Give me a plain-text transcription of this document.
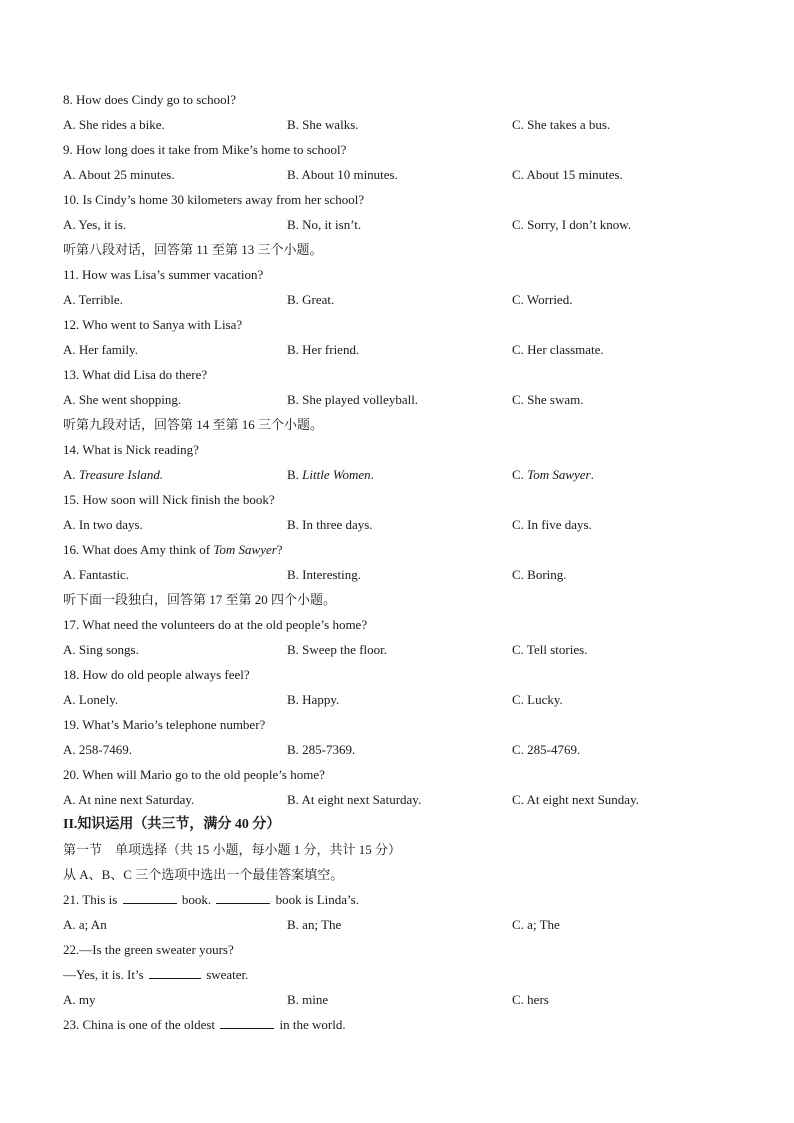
8. How does Cindy go to school?
A. She rides a bike.	B. She walks.	C. She takes a bus.
9. How long does it take from Mike’s home to school?
A. About 25 minutes.	B. About 10 minutes.	C. About 15 minutes.
10. Is Cindy’s home 30 kilometers away from her school?
A. Yes, it is.	B. No, it isn’t.	C. Sorry, I don’t know.
听第八段对话，回答第 11 至第 13 三个小题。
11. How was Lisa’s summer vacation?
A. Terrible.	B. Great.	C. Worried.
12. Who went to Sanya with Lisa?
A. Her family.	B. Her friend.	C. Her classmate.
13. What did Lisa do there?
A. She went shopping.	B. She played volleyball.	C. She swam.
听第九段对话，回答第 14 至第 16 三个小题。
14. What is Nick reading?
A. Treasure Island.	B. Little Women.	C. Tom Sawyer.
15. How soon will Nick finish the book?
A. In two days.	B. In three days.	C. In five days.
16. What does Amy think of Tom Sawyer?
A. Fantastic.	B. Interesting.	C. Boring.
听下面一段独白，回答第 17 至第 20 四个小题。
17. What need the volunteers do at the old people’s home?
A. Sing songs.	B. Sweep the floor.	C. Tell stories.
18. How do old people always feel?
A. Lonely.	B. Happy.	C. Lucky.
19. What’s Mario’s telephone number?
A. 258-7469.	B. 285-7369.	C. 285-4769.
20. When will Mario go to the old people’s home?
A. At nine next Saturday.	B. At eight next Saturday.	C. At eight next Sunday.
II.知识运用（共三节，满分 40 分）
第一节　单项选择（共 15 小题，每小题 1 分，共计 15 分）
从 A、B、C 三个选项中选出一个最佳答案填空。
21. This is	book.	book is Linda’s.
A. a; An	B. an; The	C. a; The
22.—Is the green sweater yours?
—Yes, it is. It’s	sweater.
A. my	B. mine	C. hers
23. China is one of the oldest	in the world.
